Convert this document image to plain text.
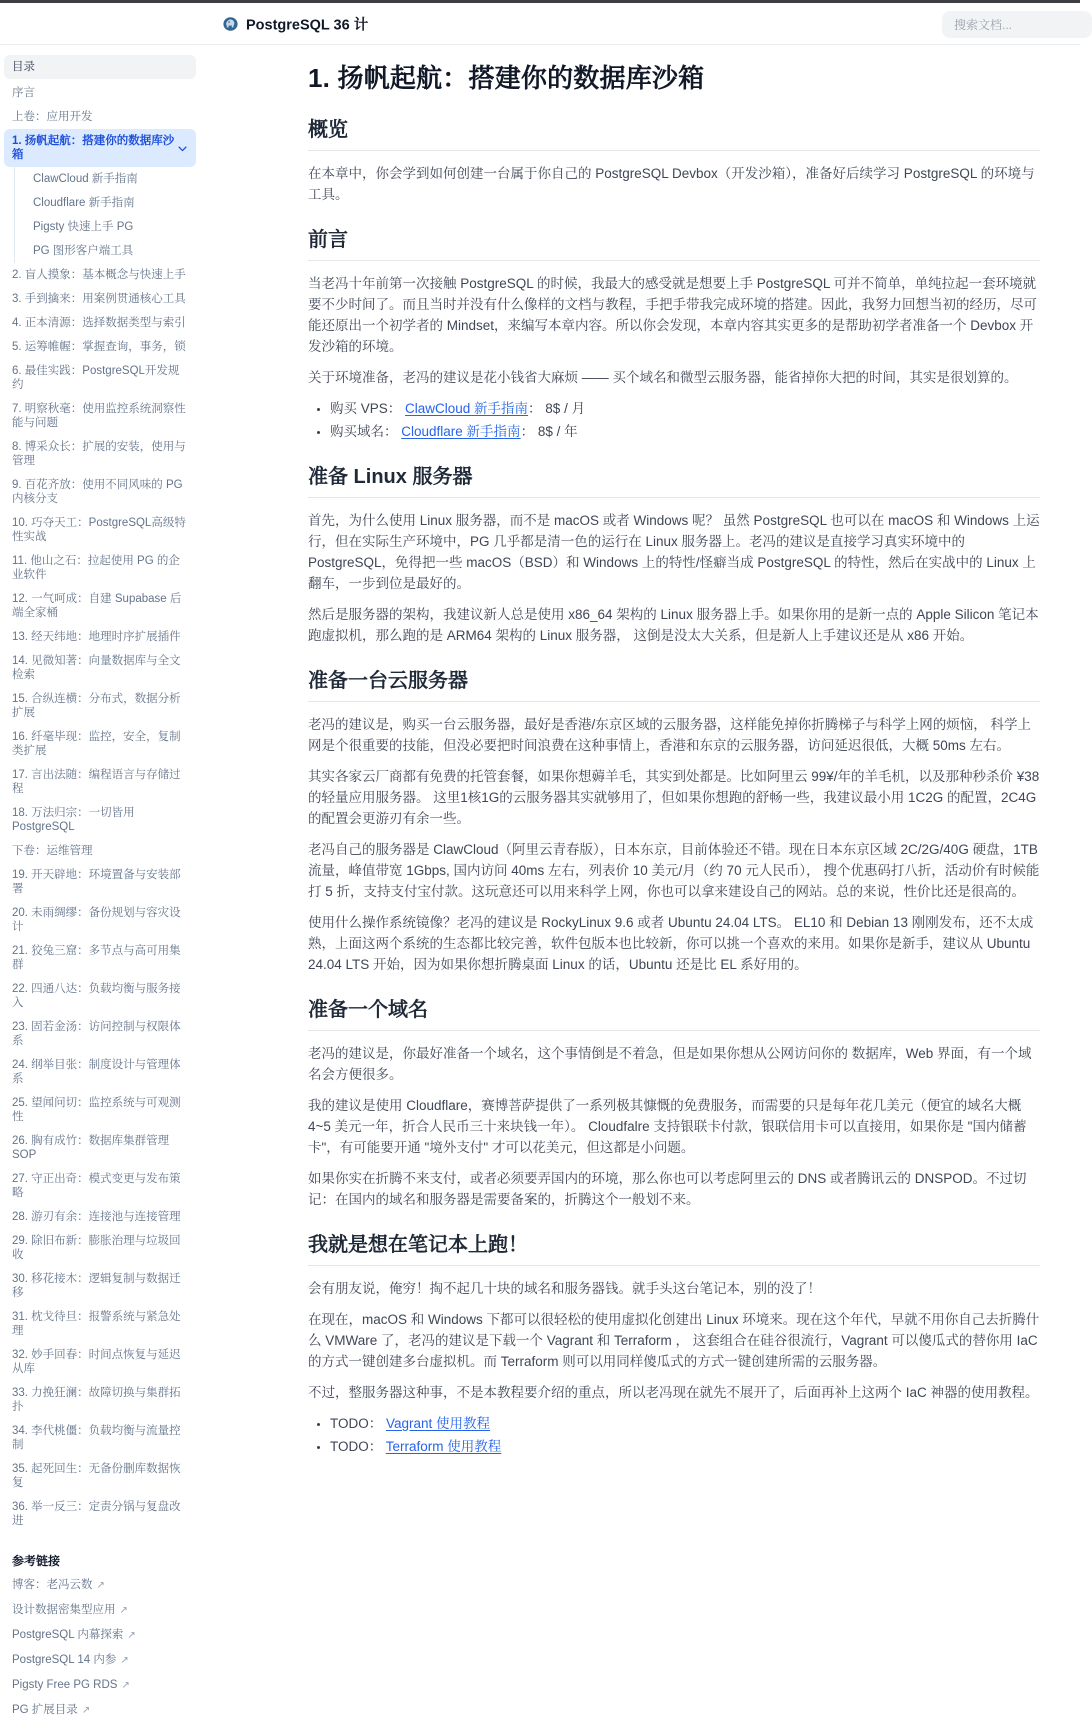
PostgreSQL 36 计
搜索文档...
目录
序言
上卷：应用开发
1. 扬帆起航：搭建你的数据库沙箱
ClawCloud 新手指南
Cloudflare 新手指南
Pigsty 快速上手 PG
PG 图形客户端工具
2. 盲人摸象：基本概念与快速上手
3. 手到擒来：用案例贯通核心工具
4. 正本清源：选择数据类型与索引
5. 运筹帷幄：掌握查询，事务，锁
6. 最佳实践：PostgreSQL开发规约
7. 明察秋毫：使用监控系统洞察性能与问题
8. 博采众长：扩展的安装，使用与管理
9. 百花齐放：使用不同风味的 PG 内核分支
10. 巧夺天工：PostgreSQL高级特性实战
11. 他山之石：拉起使用 PG 的企业软件
12. 一气呵成：自建 Supabase 后端全家桶
13. 经天纬地：地理时序扩展插件
14. 见微知著：向量数据库与全文检索
15. 合纵连横：分布式，数据分析扩展
16. 纤毫毕现：监控，安全，复制类扩展
17. 言出法随：编程语言与存储过程
18. 万法归宗：一切皆用 PostgreSQL
下卷：运维管理
19. 开天辟地：环境置备与安装部署
20. 未雨绸缪：备份规划与容灾设计
21. 狡兔三窟：多节点与高可用集群
22. 四通八达：负载均衡与服务接入
23. 固若金汤：访问控制与权限体系
24. 纲举目张：制度设计与管理体系
25. 望闻问切：监控系统与可观测性
26. 胸有成竹：数据库集群管理SOP
27. 守正出奇：模式变更与发布策略
28. 游刃有余：连接池与连接管理
29. 除旧布新：膨胀治理与垃圾回收
30. 移花接木：逻辑复制与数据迁移
31. 枕戈待旦：报警系统与紧急处理
32. 妙手回春：时间点恢复与延迟从库
33. 力挽狂澜：故障切换与集群拓扑
34. 李代桃僵：负载均衡与流量控制
35. 起死回生：无备份删库数据恢复
36. 举一反三：定责分锅与复盘改进
参考链接
博客：老冯云数 ↗
设计数据密集型应用 ↗
PostgreSQL 内幕探索 ↗
PostgreSQL 14 内参 ↗
Pigsty Free PG RDS ↗
PG 扩展目录 ↗
1. 扬帆起航：搭建你的数据库沙箱
概览

在本章中，你会学到如何创建一台属于你自己的 PostgreSQL Devbox（开发沙箱），准备好后续学习 PostgreSQL 的环境与工具。

前言

当老冯十年前第一次接触 PostgreSQL 的时候，我最大的感受就是想要上手 PostgreSQL 可并不简单，单纯拉起一套环境就要不少时间了。而且当时并没有什么像样的文档与教程，手把手带我完成环境的搭建。因此，我努力回想当初的经历，尽可能还原出一个初学者的 Mindset，来编写本章内容。所以你会发现，本章内容其实更多的是帮助初学者准备一个 Devbox 开发沙箱的环境。

关于环境准备，老冯的建议是花小钱省大麻烦 —— 买个域名和微型云服务器，能省掉你大把的时间，其实是很划算的。

• 购买 VPS： ClawCloud 新手指南： 8$ / 月
• 购买域名： Cloudflare 新手指南： 8$ / 年
准备 Linux 服务器

首先，为什么使用 Linux 服务器，而不是 macOS 或者 Windows 呢？ 虽然 PostgreSQL 也可以在 macOS 和 Windows 上运行，但在实际生产环境中，PG 几乎都是清一色的运行在 Linux 服务器上。老冯的建议是直接学习真实环境中的 PostgreSQL，免得把一些 macOS（BSD）和 Windows 上的特性/怪癖当成 PostgreSQL 的特性，然后在实战中的 Linux 上翻车，一步到位是最好的。

然后是服务器的架构，我建议新人总是使用 x86_64 架构的 Linux 服务器上手。如果你用的是新一点的 Apple Silicon 笔记本跑虚拟机，那么跑的是 ARM64 架构的 Linux 服务器， 这倒是没太大关系，但是新人上手建议还是从 x86 开始。

准备一台云服务器

老冯的建议是，购买一台云服务器，最好是香港/东京区域的云服务器，这样能免掉你折腾梯子与科学上网的烦恼， 科学上网是个很重要的技能，但没必要把时间浪费在这种事情上，香港和东京的云服务器，访问延迟很低，大概 50ms 左右。

其实各家云厂商都有免费的托管套餐，如果你想薅羊毛，其实到处都是。比如阿里云 99¥/年的羊毛机，以及那种秒杀价 ¥38 的轻量应用服务器。 这里1核1G的云服务器其实就够用了，但如果你想跑的舒畅一些，我建议最小用 1C2G 的配置，2C4G 的配置会更游刃有余一些。

老冯自己的服务器是 ClawCloud（阿里云青春版），日本东京，目前体验还不错。现在日本东京区域 2C/2G/40G 硬盘，1TB 流量，峰值带宽 1Gbps, 国内访问 40ms 左右，列表价 10 美元/月（约 70 元人民币）， 搜个优惠码打八折，活动价有时候能打 5 折，支持支付宝付款。这玩意还可以用来科学上网，你也可以拿来建设自己的网站。总的来说，性价比还是很高的。

使用什么操作系统镜像？老冯的建议是 RockyLinux 9.6 或者 Ubuntu 24.04 LTS。 EL10 和 Debian 13 刚刚发布，还不太成熟，上面这两个系统的生态都比较完善，软件包版本也比较新，你可以挑一个喜欢的来用。如果你是新手，建议从 Ubuntu 24.04 LTS 开始，因为如果你想折腾桌面 Linux 的话，Ubuntu 还是比 EL 系好用的。

准备一个域名

老冯的建议是，你最好准备一个域名，这个事情倒是不着急，但是如果你想从公网访问你的 数据库，Web 界面，有一个域名会方便很多。

我的建议是使用 Cloudflare，赛博菩萨提供了一系列极其慷慨的免费服务，而需要的只是每年花几美元（便宜的域名大概 4~5 美元一年，折合人民币三十来块钱一年）。 Cloudfalre 支持银联卡付款，银联信用卡可以直接用，如果你是 "国内储蓄卡"，有可能要开通 "境外支付" 才可以花美元，但这都是小问题。

如果你实在折腾不来支付，或者必须要弄国内的环境，那么你也可以考虑阿里云的 DNS 或者腾讯云的 DNSPOD。不过切记：在国内的域名和服务器是需要备案的，折腾这个一般划不来。

我就是想在笔记本上跑！

会有朋友说，俺穷！掏不起几十块的域名和服务器钱。就手头这台笔记本，别的没了！

在现在，macOS 和 Windows 下都可以很轻松的使用虚拟化创建出 Linux 环境来。现在这个年代，早就不用你自己去折腾什么 VMWare 了，老冯的建议是下载一个 Vagrant 和 Terraform ， 这套组合在硅谷很流行，Vagrant 可以傻瓜式的替你用 IaC 的方式一键创建多台虚拟机。而 Terraform 则可以用同样傻瓜式的方式一键创建所需的云服务器。

不过，整服务器这种事，不是本教程要介绍的重点，所以老冯现在就先不展开了，后面再补上这两个 IaC 神器的使用教程。

• TODO： Vagrant 使用教程
• TODO： Terraform 使用教程
